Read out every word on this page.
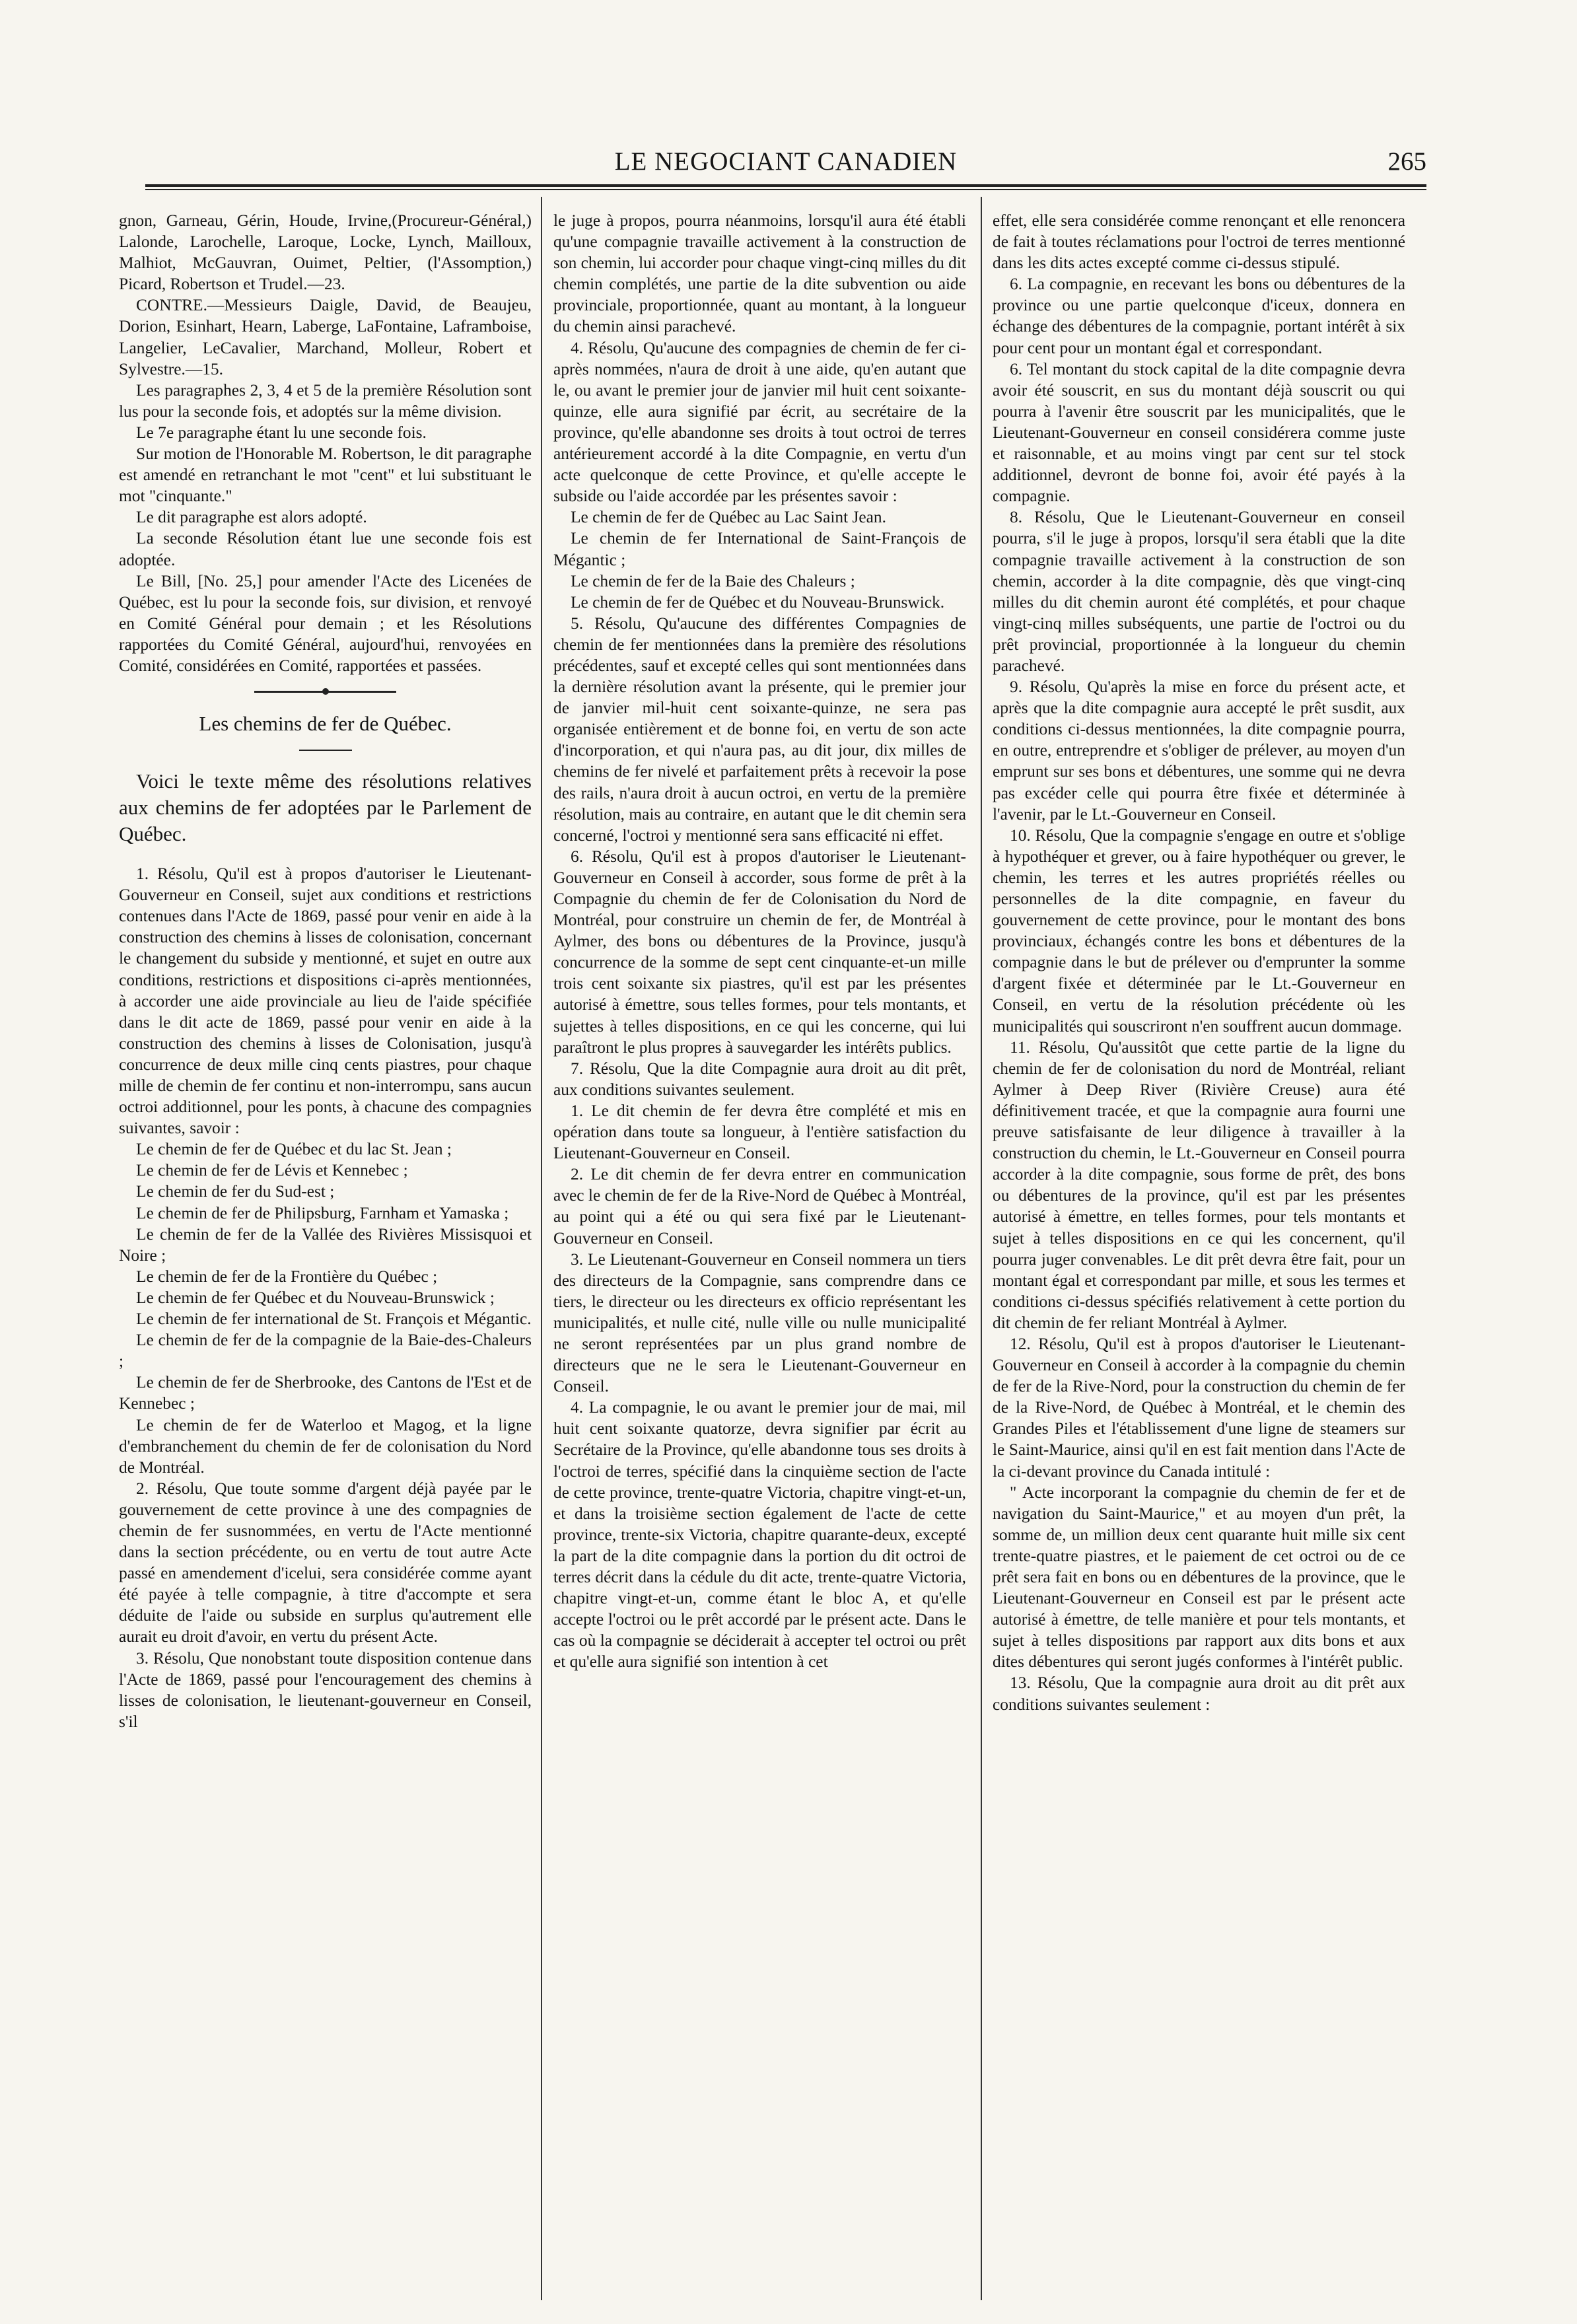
LE NEGOCIANT CANADIEN	265

gnon, Garneau, Gérin, Houde, Irvine,(Procureur-Général,) Lalonde, Larochelle, Laroque, Locke, Lynch, Mailloux, Malhiot, McGauvran, Ouimet, Peltier, (l'Assomption,) Picard, Robertson et Trudel.—23.

CONTRE.—Messieurs Daigle, David, de Beaujeu, Dorion, Esinhart, Hearn, Laberge, LaFontaine, Laframboise, Langelier, LeCavalier, Marchand, Molleur, Robert et Sylvestre.—15.

Les paragraphes 2, 3, 4 et 5 de la première Résolution sont lus pour la seconde fois, et adoptés sur la même division.

Le 7e paragraphe étant lu une seconde fois.

Sur motion de l'Honorable M. Robertson, le dit paragraphe est amendé en retranchant le mot "cent" et lui substituant le mot "cinquante."

Le dit paragraphe est alors adopté.

La seconde Résolution étant lue une seconde fois est adoptée.

Le Bill, [No. 25,] pour amender l'Acte des Licenées de Québec, est lu pour la seconde fois, sur division, et renvoyé en Comité Général pour demain ; et les Résolutions rapportées du Comité Général, aujourd'hui, renvoyées en Comité, considérées en Comité, rapportées et passées.

Les chemins de fer de Québec.

Voici le texte même des résolutions relatives aux chemins de fer adoptées par le Parlement de Québec.

1. Résolu, Qu'il est à propos d'autoriser le Lieutenant-Gouverneur en Conseil, sujet aux conditions et restrictions contenues dans l'Acte de 1869, passé pour venir en aide à la construction des chemins à lisses de colonisation, concernant le changement du subside y mentionné, et sujet en outre aux conditions, restrictions et dispositions ci-après mentionnées, à accorder une aide provinciale au lieu de l'aide spécifiée dans le dit acte de 1869, passé pour venir en aide à la construction des chemins à lisses de Colonisation, jusqu'à concurrence de deux mille cinq cents piastres, pour chaque mille de chemin de fer continu et non-interrompu, sans aucun octroi additionnel, pour les ponts, à chacune des compagnies suivantes, savoir :

Le chemin de fer de Québec et du lac St. Jean ;

Le chemin de fer de Lévis et Kennebec ;

Le chemin de fer du Sud-est ;

Le chemin de fer de Philipsburg, Farnham et Yamaska ;

Le chemin de fer de la Vallée des Rivières Missisquoi et Noire ;

Le chemin de fer de la Frontière du Québec ;

Le chemin de fer Québec et du Nouveau-Brunswick ;

Le chemin de fer international de St. François et Mégantic.

Le chemin de fer de la compagnie de la Baie-des-Chaleurs ;

Le chemin de fer de Sherbrooke, des Cantons de l'Est et de Kennebec ;

Le chemin de fer de Waterloo et Magog, et la ligne d'embranchement du chemin de fer de colonisation du Nord de Montréal.

2. Résolu, Que toute somme d'argent déjà payée par le gouvernement de cette province à une des compagnies de chemin de fer susnommées, en vertu de l'Acte mentionné dans la section précédente, ou en vertu de tout autre Acte passé en amendement d'icelui, sera considérée comme ayant été payée à telle compagnie, à titre d'accompte et sera déduite de l'aide ou subside en surplus qu'autrement elle aurait eu droit d'avoir, en vertu du présent Acte.

3. Résolu, Que nonobstant toute disposition contenue dans l'Acte de 1869, passé pour l'encouragement des chemins à lisses de colonisation, le lieutenant-gouverneur en Conseil, s'il

le juge à propos, pourra néanmoins, lorsqu'il aura été établi qu'une compagnie travaille activement à la construction de son chemin, lui accorder pour chaque vingt-cinq milles du dit chemin complétés, une partie de la dite subvention ou aide provinciale, proportionnée, quant au montant, à la longueur du chemin ainsi parachevé.

4. Résolu, Qu'aucune des compagnies de chemin de fer ci-après nommées, n'aura de droit à une aide, qu'en autant que le, ou avant le premier jour de janvier mil huit cent soixante-quinze, elle aura signifié par écrit, au secrétaire de la province, qu'elle abandonne ses droits à tout octroi de terres antérieurement accordé à la dite Compagnie, en vertu d'un acte quelconque de cette Province, et qu'elle accepte le subside ou l'aide accordée par les présentes savoir :

Le chemin de fer de Québec au Lac Saint Jean.

Le chemin de fer International de Saint-François de Mégantic ;

Le chemin de fer de la Baie des Chaleurs ;

Le chemin de fer de Québec et du Nouveau-Brunswick.

5. Résolu, Qu'aucune des différentes Compagnies de chemin de fer mentionnées dans la première des résolutions précédentes, sauf et excepté celles qui sont mentionnées dans la dernière résolution avant la présente, qui le premier jour de janvier mil-huit cent soixante-quinze, ne sera pas organisée entièrement et de bonne foi, en vertu de son acte d'incorporation, et qui n'aura pas, au dit jour, dix milles de chemins de fer nivelé et parfaitement prêts à recevoir la pose des rails, n'aura droit à aucun octroi, en vertu de la première résolution, mais au contraire, en autant que le dit chemin sera concerné, l'octroi y mentionné sera sans efficacité ni effet.

6. Résolu, Qu'il est à propos d'autoriser le Lieutenant-Gouverneur en Conseil à accorder, sous forme de prêt à la Compagnie du chemin de fer de Colonisation du Nord de Montréal, pour construire un chemin de fer, de Montréal à Aylmer, des bons ou débentures de la Province, jusqu'à concurrence de la somme de sept cent cinquante-et-un mille trois cent soixante six piastres, qu'il est par les présentes autorisé à émettre, sous telles formes, pour tels montants, et sujettes à telles dispositions, en ce qui les concerne, qui lui paraîtront le plus propres à sauvegarder les intérêts publics.

7. Résolu, Que la dite Compagnie aura droit au dit prêt, aux conditions suivantes seulement.

1. Le dit chemin de fer devra être complété et mis en opération dans toute sa longueur, à l'entière satisfaction du Lieutenant-Gouverneur en Conseil.

2. Le dit chemin de fer devra entrer en communication avec le chemin de fer de la Rive-Nord de Québec à Montréal, au point qui a été ou qui sera fixé par le Lieutenant-Gouverneur en Conseil.

3. Le Lieutenant-Gouverneur en Conseil nommera un tiers des directeurs de la Compagnie, sans comprendre dans ce tiers, le directeur ou les directeurs ex officio représentant les municipalités, et nulle cité, nulle ville ou nulle municipalité ne seront représentées par un plus grand nombre de directeurs que ne le sera le Lieutenant-Gouverneur en Conseil.

4. La compagnie, le ou avant le premier jour de mai, mil huit cent soixante quatorze, devra signifier par écrit au Secrétaire de la Province, qu'elle abandonne tous ses droits à l'octroi de terres, spécifié dans la cinquième section de l'acte de cette province, trente-quatre Victoria, chapitre vingt-et-un, et dans la troisième section également de l'acte de cette province, trente-six Victoria, chapitre quarante-deux, excepté la part de la dite compagnie dans la portion du dit octroi de terres décrit dans la cédule du dit acte, trente-quatre Victoria, chapitre vingt-et-un, comme étant le bloc A, et qu'elle accepte l'octroi ou le prêt accordé par le présent acte. Dans le cas où la compagnie se déciderait à accepter tel octroi ou prêt et qu'elle aura signifié son intention à cet

effet, elle sera considérée comme renonçant et elle renoncera de fait à toutes réclamations pour l'octroi de terres mentionné dans les dits actes excepté comme ci-dessus stipulé.

6. La compagnie, en recevant les bons ou débentures de la province ou une partie quelconque d'iceux, donnera en échange des débentures de la compagnie, portant intérêt à six pour cent pour un montant égal et correspondant.

6. Tel montant du stock capital de la dite compagnie devra avoir été souscrit, en sus du montant déjà souscrit ou qui pourra à l'avenir être souscrit par les municipalités, que le Lieutenant-Gouverneur en conseil considérera comme juste et raisonnable, et au moins vingt par cent sur tel stock additionnel, devront de bonne foi, avoir été payés à la compagnie.

8. Résolu, Que le Lieutenant-Gouverneur en conseil pourra, s'il le juge à propos, lorsqu'il sera établi que la dite compagnie travaille activement à la construction de son chemin, accorder à la dite compagnie, dès que vingt-cinq milles du dit chemin auront été complétés, et pour chaque vingt-cinq milles subséquents, une partie de l'octroi ou du prêt provincial, proportionnée à la longueur du chemin parachevé.

9. Résolu, Qu'après la mise en force du présent acte, et après que la dite compagnie aura accepté le prêt susdit, aux conditions ci-dessus mentionnées, la dite compagnie pourra, en outre, entreprendre et s'obliger de prélever, au moyen d'un emprunt sur ses bons et débentures, une somme qui ne devra pas excéder celle qui pourra être fixée et déterminée à l'avenir, par le Lt.-Gouverneur en Conseil.

10. Résolu, Que la compagnie s'engage en outre et s'oblige à hypothéquer et grever, ou à faire hypothéquer ou grever, le chemin, les terres et les autres propriétés réelles ou personnelles de la dite compagnie, en faveur du gouvernement de cette province, pour le montant des bons provinciaux, échangés contre les bons et débentures de la compagnie dans le but de prélever ou d'emprunter la somme d'argent fixée et déterminée par le Lt.-Gouverneur en Conseil, en vertu de la résolution précédente où les municipalités qui souscriront n'en souffrent aucun dommage.

11. Résolu, Qu'aussitôt que cette partie de la ligne du chemin de fer de colonisation du nord de Montréal, reliant Aylmer à Deep River (Rivière Creuse) aura été définitivement tracée, et que la compagnie aura fourni une preuve satisfaisante de leur diligence à travailler à la construction du chemin, le Lt.-Gouverneur en Conseil pourra accorder à la dite compagnie, sous forme de prêt, des bons ou débentures de la province, qu'il est par les présentes autorisé à émettre, en telles formes, pour tels montants et sujet à telles dispositions en ce qui les concernent, qu'il pourra juger convenables. Le dit prêt devra être fait, pour un montant égal et correspondant par mille, et sous les termes et conditions ci-dessus spécifiés relativement à cette portion du dit chemin de fer reliant Montréal à Aylmer.

12. Résolu, Qu'il est à propos d'autoriser le Lieutenant-Gouverneur en Conseil à accorder à la compagnie du chemin de fer de la Rive-Nord, pour la construction du chemin de fer de la Rive-Nord, de Québec à Montréal, et le chemin des Grandes Piles et l'établissement d'une ligne de steamers sur le Saint-Maurice, ainsi qu'il en est fait mention dans l'Acte de la ci-devant province du Canada intitulé :

" Acte incorporant la compagnie du chemin de fer et de navigation du Saint-Maurice," et au moyen d'un prêt, la somme de, un million deux cent quarante huit mille six cent trente-quatre piastres, et le paiement de cet octroi ou de ce prêt sera fait en bons ou en débentures de la province, que le Lieutenant-Gouverneur en Conseil est par le présent acte autorisé à émettre, de telle manière et pour tels montants, et sujet à telles dispositions par rapport aux dits bons et aux dites débentures qui seront jugés conformes à l'intérêt public.

13. Résolu, Que la compagnie aura droit au dit prêt aux conditions suivantes seulement :
